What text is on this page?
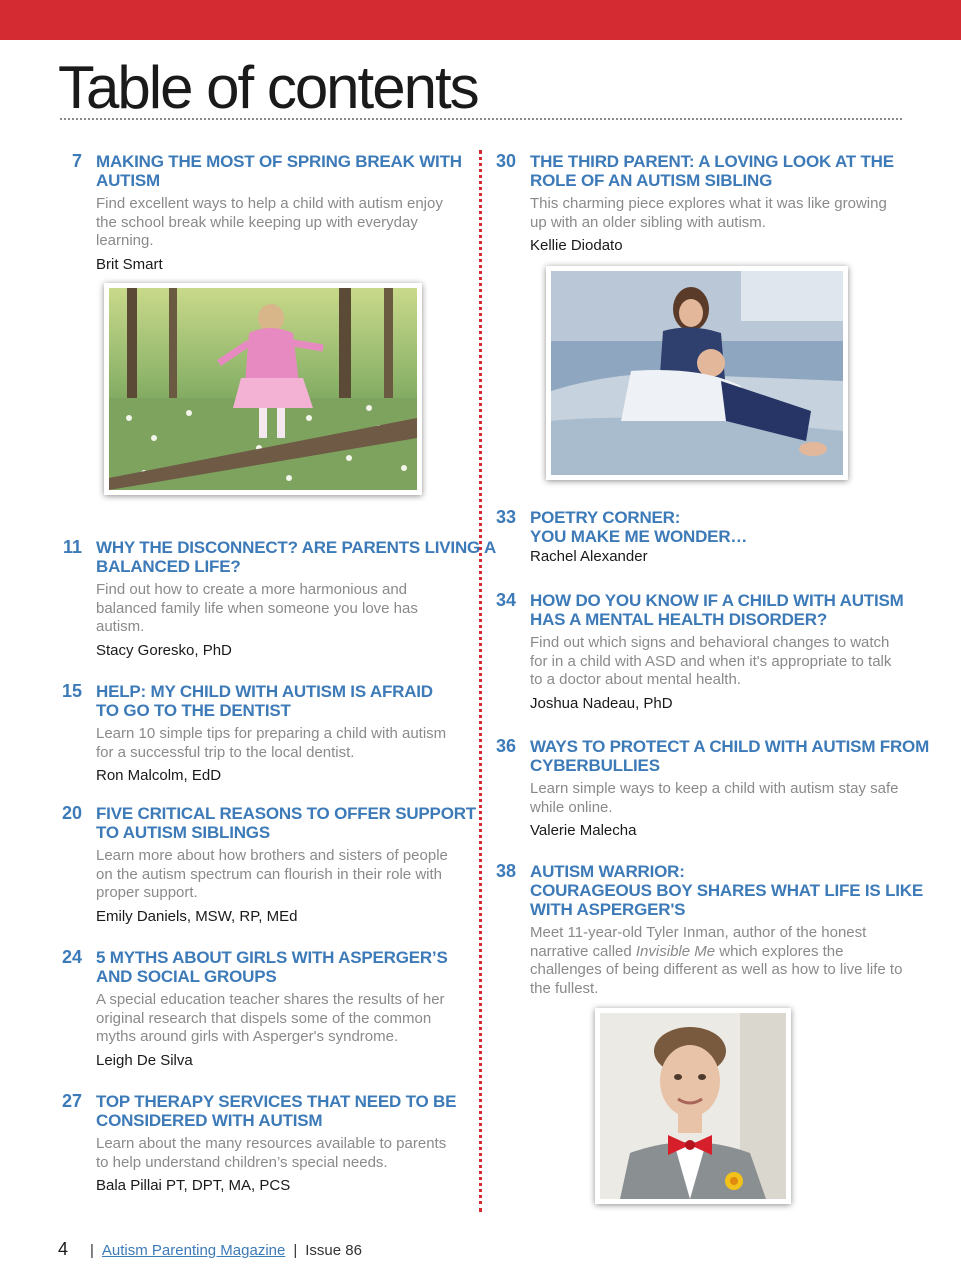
Table of contents
7 MAKING THE MOST OF SPRING BREAK WITH
AUTISM
Find excellent ways to help a child with autism enjoy the school break while keeping up with everyday learning.
Brit Smart
11 WHY THE DISCONNECT? ARE PARENTS LIVING A
BALANCED LIFE?
Find out how to create a more harmonious and balanced family life when someone you love has autism.
Stacy Goresko, PhD
15 HELP: MY CHILD WITH AUTISM IS AFRAID
TO GO TO THE DENTIST
Learn 10 simple tips for preparing a child with autism for a successful trip to the local dentist.
Ron Malcolm, EdD
20 FIVE CRITICAL REASONS TO OFFER SUPPORT
TO AUTISM SIBLINGS
Learn more about how brothers and sisters of people on the autism spectrum can flourish in their role with proper support.
Emily Daniels, MSW, RP, MEd
24 5 MYTHS ABOUT GIRLS WITH ASPERGER’S
AND SOCIAL GROUPS
A special education teacher shares the results of her original research that dispels some of the common myths around girls with Asperger's syndrome.
Leigh De Silva
27 TOP THERAPY SERVICES THAT NEED TO BE
CONSIDERED WITH AUTISM
Learn about the many resources available to parents to help understand children’s special needs.
Bala Pillai PT, DPT, MA, PCS
30 THE THIRD PARENT: A LOVING LOOK AT THE
ROLE OF AN AUTISM SIBLING
This charming piece explores what it was like growing up with an older sibling with autism.
Kellie Diodato
33 POETRY CORNER:
YOU MAKE ME WONDER…
Rachel Alexander
34 HOW DO YOU KNOW IF A CHILD WITH AUTISM
HAS A MENTAL HEALTH DISORDER?
Find out which signs and behavioral changes to watch for in a child with ASD and when it's appropriate to talk to a doctor about mental health.
Joshua Nadeau, PhD
36 WAYS TO PROTECT A CHILD WITH AUTISM FROM
CYBERBULLIES
Learn simple ways to keep a child with autism stay safe while online.
Valerie Malecha
38 AUTISM WARRIOR:
COURAGEOUS BOY SHARES WHAT LIFE IS LIKE
WITH ASPERGER'S
Meet 11-year-old Tyler Inman, author of the honest narrative called Invisible Me which explores the challenges of being different as well as how to live life to the fullest.
4 | Autism Parenting Magazine | Issue 86
